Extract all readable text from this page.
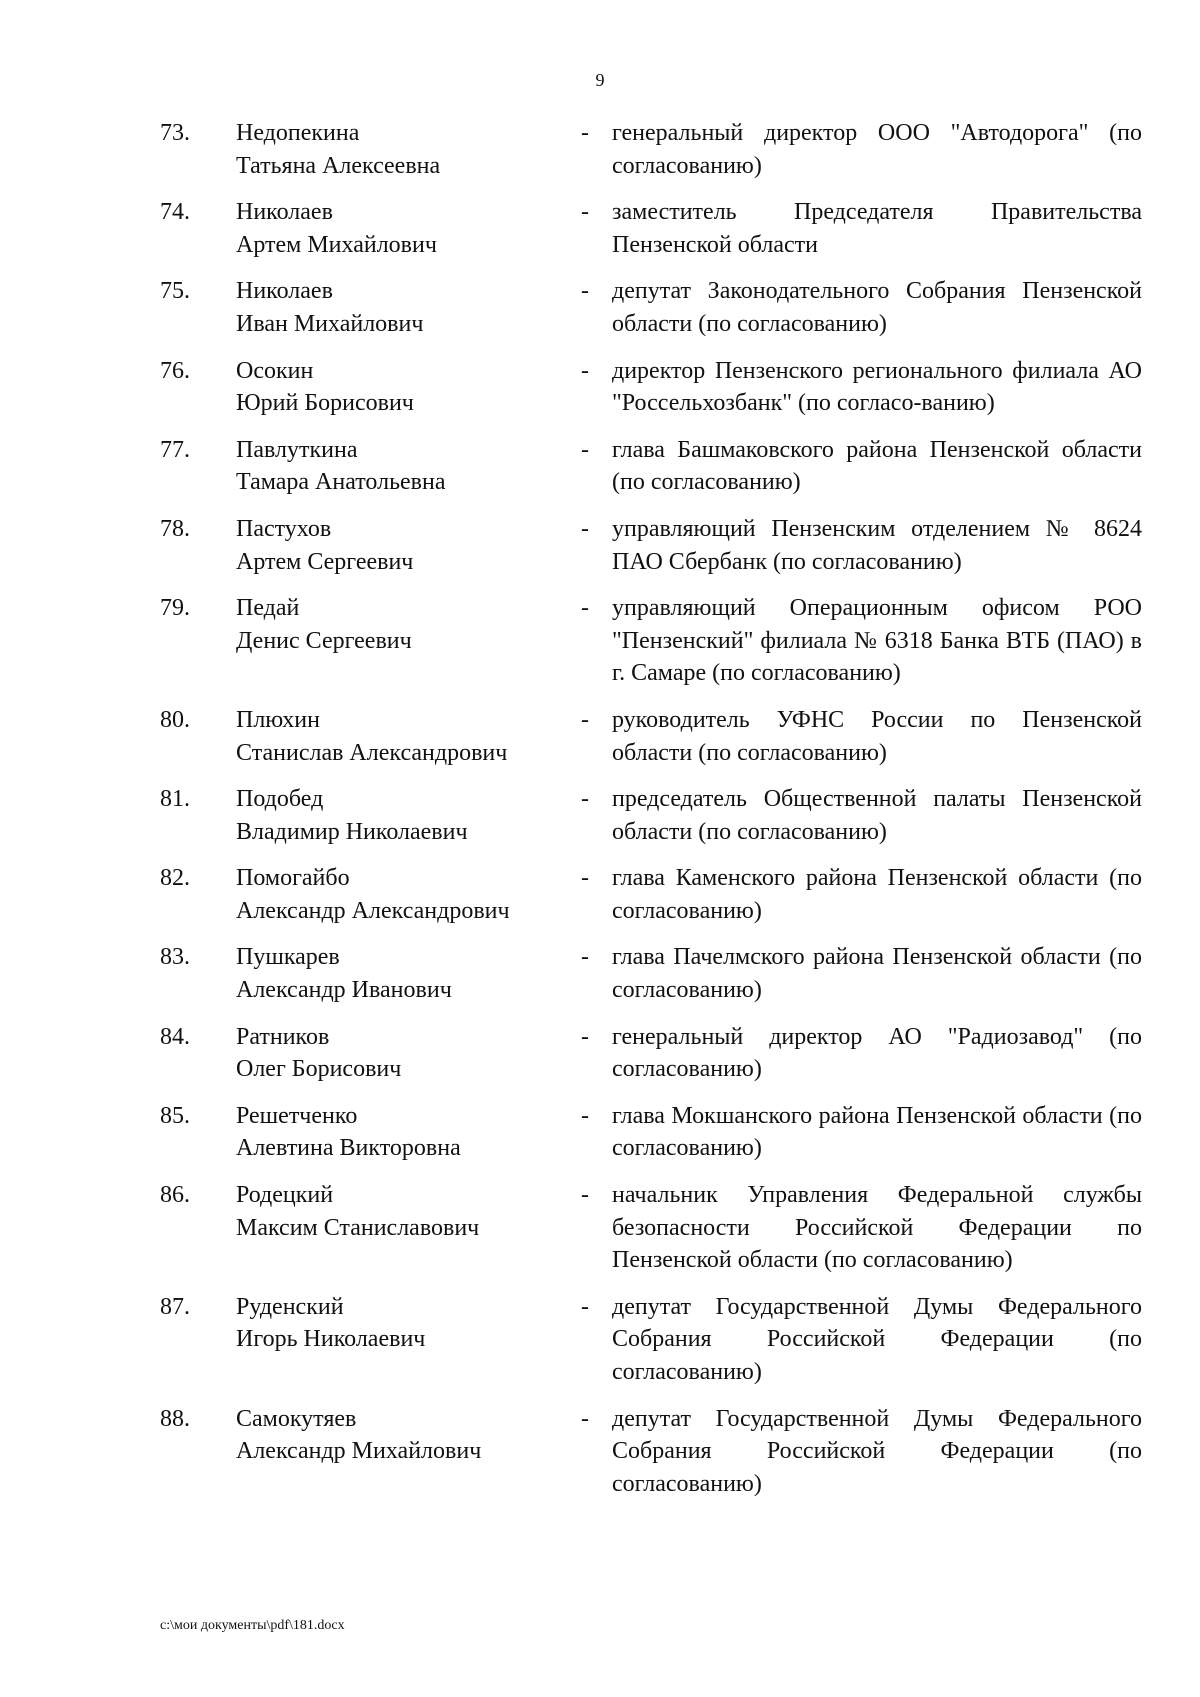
9
73.	Недопекина
Татьяна Алексеевна
- генеральный директор ООО "Автодорога" (по согласованию)
74.	Николаев
Артем Михайлович
- заместитель Председателя Правительства Пензенской области
75.	Николаев
Иван Михайлович
- депутат Законодательного Собрания Пензенской области (по согласованию)
76.	Осокин
Юрий Борисович
- директор Пензенского регионального филиала АО "Россельхозбанк" (по согласо-ванию)
77.	Павлуткина
Тамара Анатольевна
- глава Башмаковского района Пензенской области (по согласованию)
78.	Пастухов
Артем Сергеевич
- управляющий Пензенским отделением № 8624 ПАО Сбербанк (по согласованию)
79.	Педай
Денис Сергеевич
- управляющий Операционным офисом РОО "Пензенский" филиала № 6318 Банка ВТБ (ПАО) в г. Самаре (по согласованию)
80.	Плюхин
Станислав Александрович
- руководитель УФНС России по Пензенской области (по согласованию)
81.	Подобед
Владимир Николаевич
- председатель Общественной палаты Пензенской области (по согласованию)
82.	Помогайбо
Александр Александрович
- глава Каменского района Пензенской области (по согласованию)
83.	Пушкарев
Александр Иванович
- глава Пачелмского района Пензенской области (по согласованию)
84.	Ратников
Олег Борисович
- генеральный директор АО "Радиозавод" (по согласованию)
85.	Решетченко
Алевтина Викторовна
- глава Мокшанского района Пензенской области (по согласованию)
86.	Родецкий
Максим Станиславович
- начальник Управления Федеральной службы безопасности Российской Федерации по Пензенской области (по согласованию)
87.	Руденский
Игорь Николаевич
- депутат Государственной Думы Федерального Собрания Российской Федерации (по согласованию)
88.	Самокутяев
Александр Михайлович
- депутат Государственной Думы Федерального Собрания Российской Федерации (по согласованию)
c:\мои документы\pdf\181.docx
